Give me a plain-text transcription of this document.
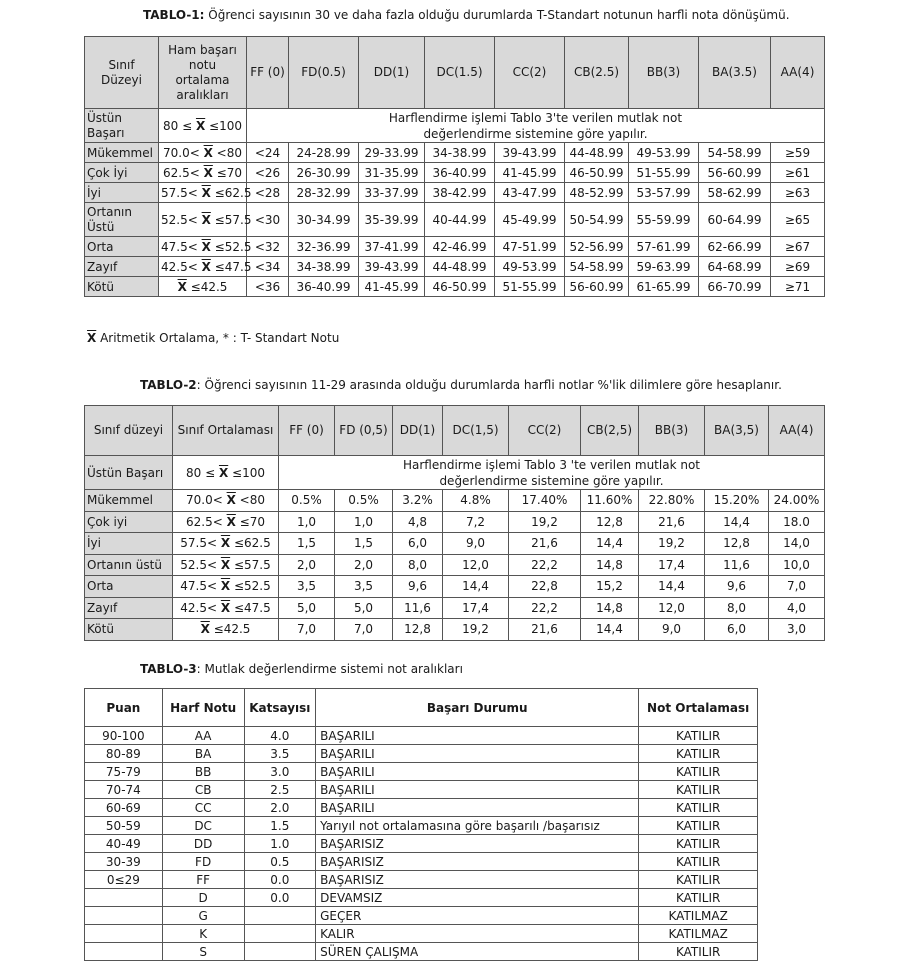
TABLO-1: Öğrenci sayısının 30 ve daha fazla olduğu durumlarda T-Standart notunun harfli nota dönüşümü.
Sınıf Düzeyi	Ham başarı notu ortalama aralıkları	FF (0)	FD(0.5)	DD(1)	DC(1.5)	CC(2)	CB(2.5)	BB(3)	BA(3.5)	AA(4)
Üstün Başarı	$80 \le \overline{X} \le 100$	Harflendirme işlemi Tablo 3'te verilen mutlak not değerlendirme sistemine göre yapılır.								
Mükemmel	$70.0< \overline{X} <80$	<24	24-28.99	29-33.99	34-38.99	39-43.99	44-48.99	49-53.99	54-58.99	≥59
Çok İyi	$62.5< \overline{X} \le 70$	<26	26-30.99	31-35.99	36-40.99	41-45.99	46-50.99	51-55.99	56-60.99	≥61
İyi	$57.5< \overline{X} \le 62.5$	<28	28-32.99	33-37.99	38-42.99	43-47.99	48-52.99	53-57.99	58-62.99	≥63
Ortanın Üstü	$52.5< \overline{X} \le 57.5$	<30	30-34.99	35-39.99	40-44.99	45-49.99	50-54.99	55-59.99	60-64.99	≥65
Orta	$47.5< \overline{X} \le 52.5$	<32	32-36.99	37-41.99	42-46.99	47-51.99	52-56.99	57-61.99	62-66.99	≥67
Zayıf	$42.5< \overline{X} \le 47.5$	<34	34-38.99	39-43.99	44-48.99	49-53.99	54-58.99	59-63.99	64-68.99	≥69
Kötü	$\overline{X} \le 42.5$	<36	36-40.99	41-45.99	46-50.99	51-55.99	56-60.99	61-65.99	66-70.99	≥71
$\overline{X}$ Aritmetik Ortalama, * : T- Standart Notu
TABLO-2: Öğrenci sayısının 11-29 arasında olduğu durumlarda harfli notlar %'lik dilimlere göre hesaplanır.
Sınıf düzeyi	Sınıf Ortalaması	FF (0)	FD (0,5)	DD(1)	DC(1,5)	CC(2)	CB(2,5)	BB(3)	BA(3,5)	AA(4)
Üstün Başarı	$80 \le \overline{X} \le 100$	Harflendirme işlemi Tablo 3 'te verilen mutlak not değerlendirme sistemine göre yapılır.								
Mükemmel	$70.0< \overline{X} <80$	0.5%	0.5%	3.2%	4.8%	17.40%	11.60%	22.80%	15.20%	24.00%
Çok iyi	$62.5< \overline{X} \le 70$	1,0	1,0	4,8	7,2	19,2	12,8	21,6	14,4	18.0
İyi	$57.5< \overline{X} \le 62.5$	1,5	1,5	6,0	9,0	21,6	14,4	19,2	12,8	14,0
Ortanın üstü	$52.5< \overline{X} \le 57.5$	2,0	2,0	8,0	12,0	22,2	14,8	17,4	11,6	10,0
Orta	$47.5< \overline{X} \le 52.5$	3,5	3,5	9,6	14,4	22,8	15,2	14,4	9,6	7,0
Zayıf	$42.5< \overline{X} \le 47.5$	5,0	5,0	11,6	17,4	22,2	14,8	12,0	8,0	4,0
Kötü	$\overline{X} \le 42.5$	7,0	7,0	12,8	19,2	21,6	14,4	9,0	6,0	3,0
TABLO-3: Mutlak değerlendirme sistemi not aralıkları
Puan	Harf Notu	Katsayısı	Başarı Durumu	Not Ortalaması
90-100	AA	4.0	BAŞARILI	KATILIR
80-89	BA	3.5	BAŞARILI	KATILIR
75-79	BB	3.0	BAŞARILI	KATILIR
70-74	CB	2.5	BAŞARILI	KATILIR
60-69	CC	2.0	BAŞARILI	KATILIR
50-59	DC	1.5	Yarıyıl not ortalamasına göre başarılı /başarısız	KATILIR
40-49	DD	1.0	BAŞARISIZ	KATILIR
30-39	FD	0.5	BAŞARISIZ	KATILIR
0≤29	FF	0.0	BAŞARISIZ	KATILIR
	D	0.0	DEVAMSIZ	KATILIR
	G		GEÇER	KATILMAZ
	K		KALIR	KATILMAZ
	S		SÜREN ÇALIŞMA	KATILIR
